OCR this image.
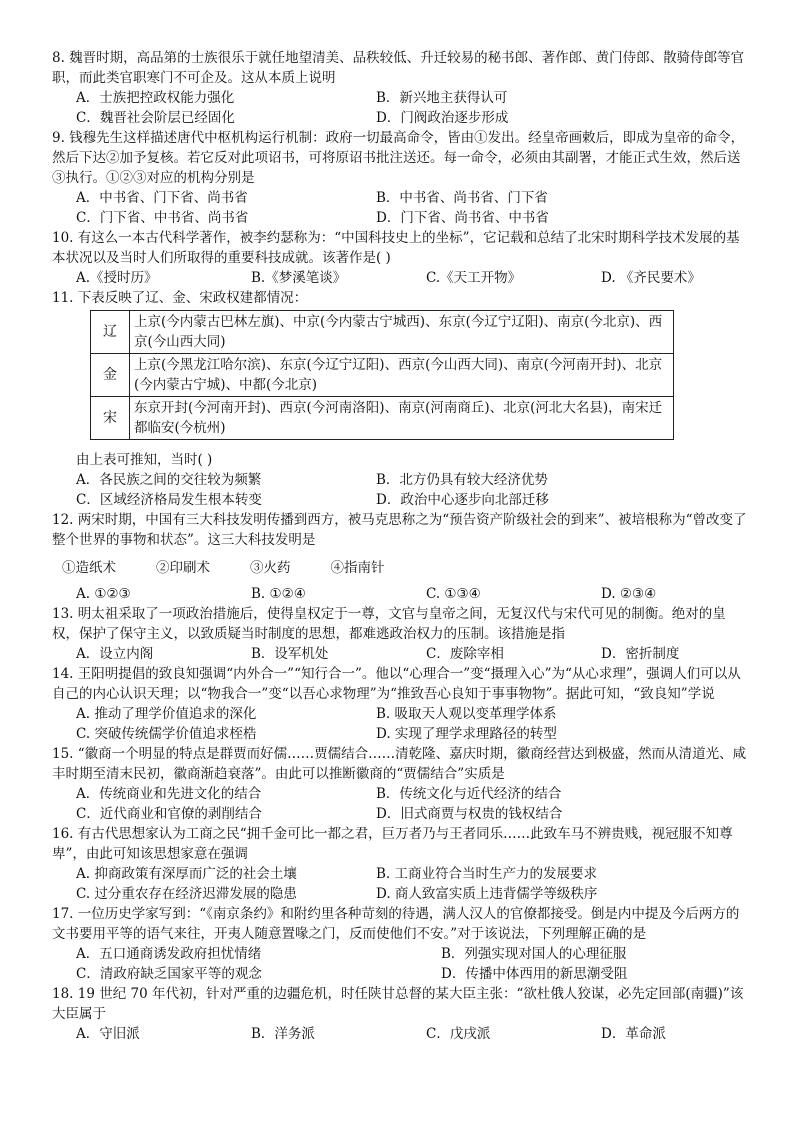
8. 魏晋时期，高品第的士族很乐于就任地望清美、品秩较低、升迁较易的秘书郎、著作郎、黄门侍郎、散骑侍郎等官职，而此类官职寒门不可企及。这从本质上说明

A．士族把控政权能力强化	B．新兴地主获得认可
C．魏晋社会阶层已经固化	D．门阀政治逐步形成

9. 钱穆先生这样描述唐代中枢机构运行机制：政府一切最高命令，皆由①发出。经皇帝画敕后，即成为皇帝的命令，然后下达②加予复核。若它反对此项诏书，可将原诏书批注送还。每一命令，必须由其副署，才能正式生效，然后送③执行。①②③对应的机构分别是

A．中书省、门下省、尚书省	B．中书省、尚书省、门下省
C．门下省、中书省、尚书省	D．门下省、尚书省、中书省

10. 有这么一本古代科学著作，被李约瑟称为：“中国科技史上的坐标”，它记载和总结了北宋时期科学技术发展的基本状况以及当时人们所取得的重要科技成就。该著作是( )

A.《授时历》	B.《梦溪笔谈》	C.《天工开物》	D. 《齐民要术》

11. 下表反映了辽、金、宋政权建都情况：

辽	上京(今内蒙古巴林左旗)、中京(今内蒙古宁城西)、东京(今辽宁辽阳)、南京(今北京)、西京(今山西大同)
金	上京(今黑龙江哈尔滨)、东京(今辽宁辽阳)、西京(今山西大同)、南京(今河南开封)、北京(今内蒙古宁城)、中都(今北京)
宋	东京开封(今河南开封)、西京(今河南洛阳)、南京(河南商丘)、北京(河北大名县)，南宋迁都临安(今杭州)

由上表可推知，当时( )

A．各民族之间的交往较为频繁	B．北方仍具有较大经济优势
C．区域经济格局发生根本转变	D．政治中心逐步向北部迁移

12. 两宋时期，中国有三大科技发明传播到西方，被马克思称之为“预告资产阶级社会的到来”、被培根称为“曾改变了整个世界的事物和状态”。这三大科技发明是

①造纸术	②印刷术	③火药	④指南针
A. ①②③	B. ①②④	C. ①③④	D. ②③④

13. 明太祖采取了一项政治措施后，使得皇权定于一尊，文官与皇帝之间，无复汉代与宋代可见的制衡。绝对的皇权，保护了保守主义，以致质疑当时制度的思想，都难逃政治权力的压制。该措施是指

A．设立内阁	B．设军机处	C．废除宰相	D．密折制度

14. 王阳明提倡的致良知强调“内外合一”“知行合一”。他以“心理合一”变“摄理入心”为“从心求理”，强调人们可以从自己的内心认识天理；以“物我合一”变“以吾心求物理”为“推致吾心良知于事事物物”。据此可知，“致良知”学说

A. 推动了理学价值追求的深化	B. 吸取天人观以变革理学体系
C. 突破传统儒学价值追求桎梏	D. 实现了理学求理路径的转型

15. “徽商一个明显的特点是群贾而好儒……贾儒结合……清乾隆、嘉庆时期，徽商经营达到极盛，然而从清道光、咸丰时期至清末民初，徽商渐趋衰落”。由此可以推断徽商的“贾儒结合”实质是

A．传统商业和先进文化的结合	B．传统文化与近代经济的结合
C．近代商业和官僚的剥削结合	D．旧式商贾与权贵的钱权结合

16. 有古代思想家认为工商之民“拥千金可比一都之君，巨万者乃与王者同乐……此致车马不辨贵贱，视冠服不知尊卑”，由此可知该思想家意在强调

A. 抑商政策有深厚而广泛的社会土壤	B. 工商业符合当时生产力的发展要求
C. 过分重农存在经济迟滞发展的隐患	D. 商人致富实质上违背儒学等级秩序

17. 一位历史学家写到：“《南京条约》和附约里各种苛刻的待遇，满人汉人的官僚都接受。倒是内中提及今后两方的文书要用平等的语气来往，开夷人随意置喙之门，反而使他们不安。”对于该说法，下列理解正确的是

A．五口通商诱发政府担忧情绪	B．列强实现对国人的心理征服
C．清政府缺乏国家平等的观念	D．传播中体西用的新思潮受阻

18. 19 世纪 70 年代初，针对严重的边疆危机，时任陕甘总督的某大臣主张：“欲杜俄人狡谋，必先定回部(南疆)”该大臣属于

A．守旧派	B．洋务派	C．戊戌派	D．革命派
